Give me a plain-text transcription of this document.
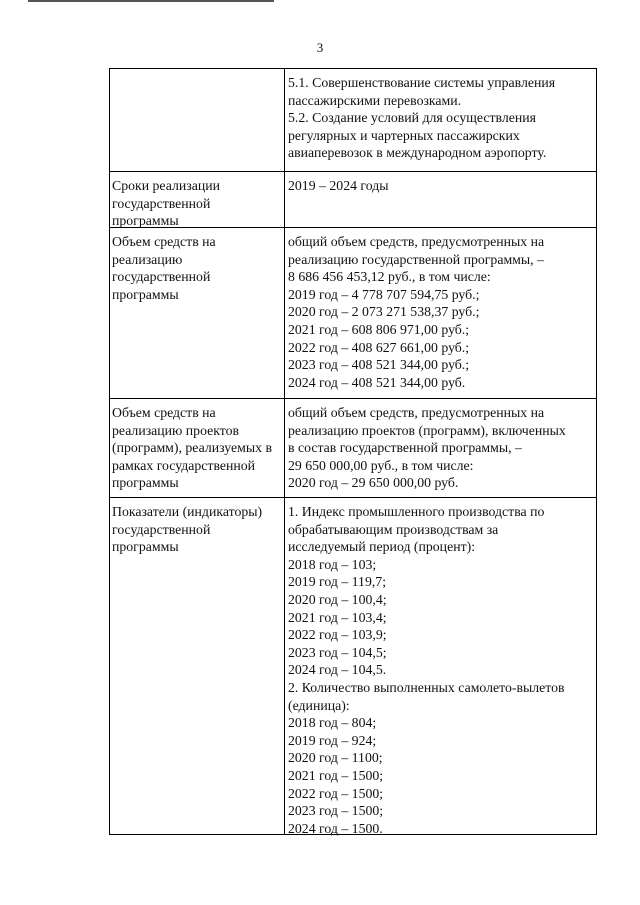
3
5.1. Совершенствование системы управления
пассажирскими перевозками.
5.2. Создание условий для осуществления
регулярных и чартерных пассажирских
авиаперевозок в международном аэропорту.
Сроки реализации
государственной
программы
2019 – 2024 годы
Объем средств на
реализацию
государственной
программы
общий объем средств, предусмотренных на
реализацию государственной программы, –
8 686 456 453,12 руб., в том числе:
2019 год – 4 778 707 594,75 руб.;
2020 год – 2 073 271 538,37 руб.;
2021 год – 608 806 971,00 руб.;
2022 год – 408 627 661,00 руб.;
2023 год – 408 521 344,00 руб.;
2024 год – 408 521 344,00 руб.
Объем средств на
реализацию проектов
(программ), реализуемых в
рамках государственной
программы
общий объем средств, предусмотренных на
реализацию проектов (программ), включенных
в состав государственной программы, –
29 650 000,00 руб., в том числе:
2020 год – 29 650 000,00 руб.
Показатели (индикаторы)
государственной
программы
1. Индекс промышленного производства по
обрабатывающим производствам за
исследуемый период (процент):
2018 год – 103;
2019 год – 119,7;
2020 год – 100,4;
2021 год – 103,4;
2022 год – 103,9;
2023 год – 104,5;
2024 год – 104,5.
2. Количество выполненных самолето-вылетов
(единица):
2018 год – 804;
2019 год – 924;
2020 год – 1100;
2021 год – 1500;
2022 год – 1500;
2023 год – 1500;
2024 год – 1500.
